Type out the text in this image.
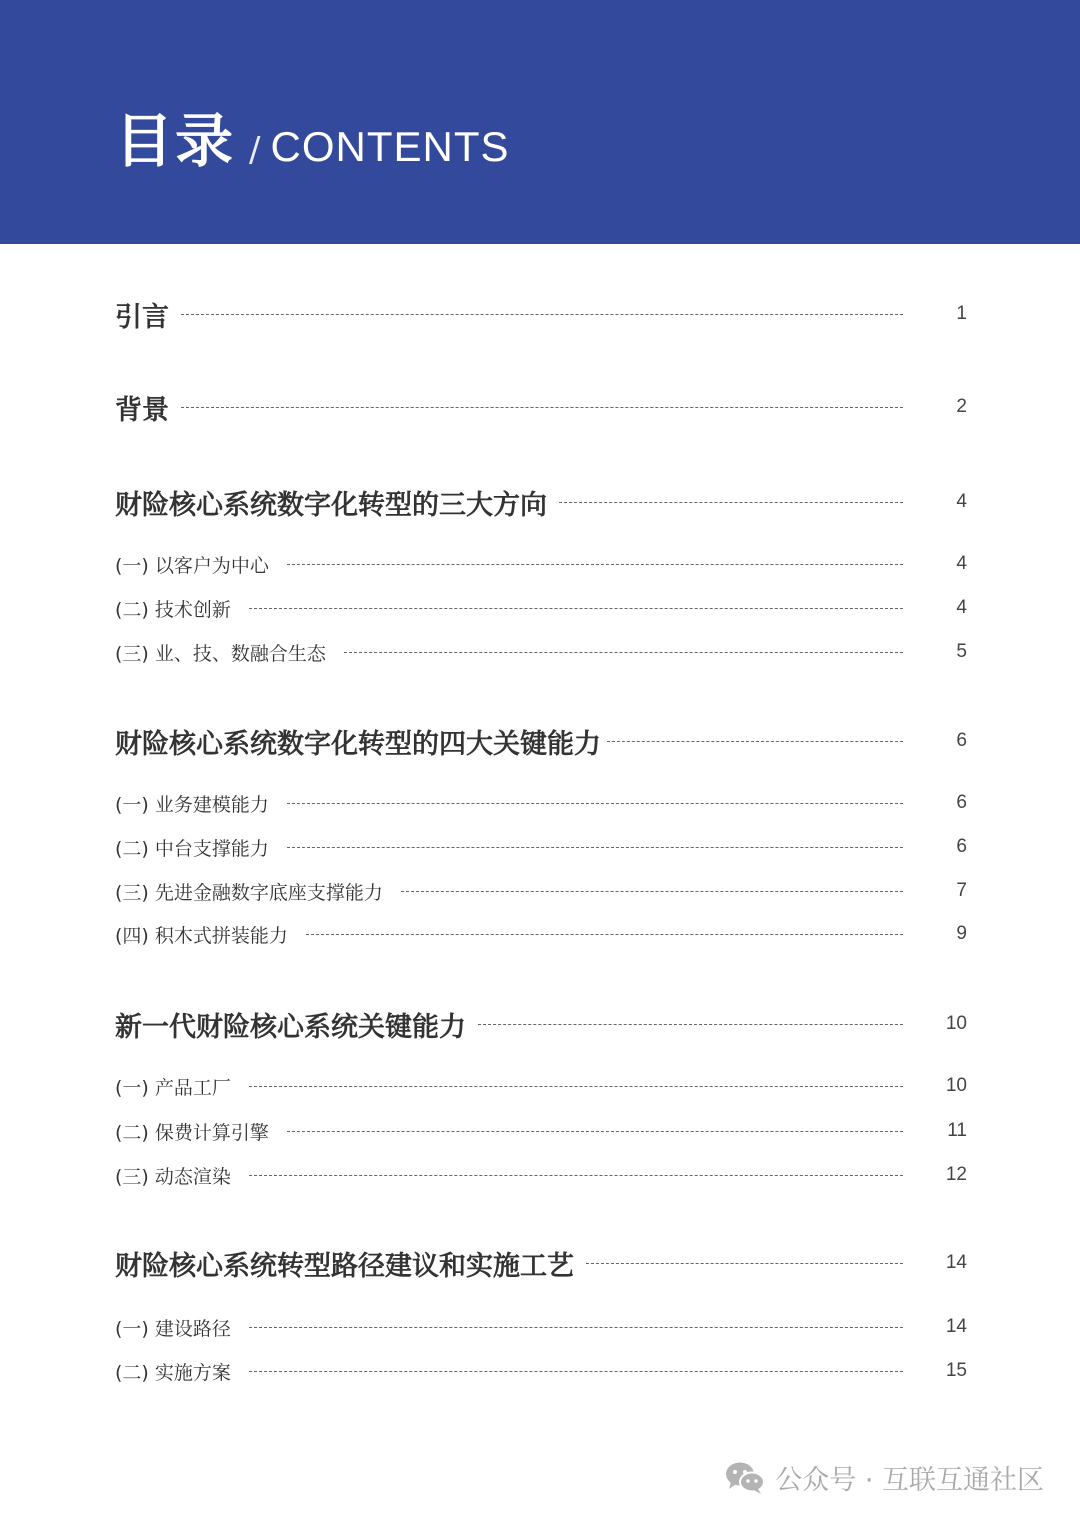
目录 / CONTENTS
引言	1
背景	2
财险核心系统数字化转型的三大方向	4
(一) 以客户为中心	4
(二) 技术创新	4
(三) 业、技、数融合生态	5
财险核心系统数字化转型的四大关键能力	6
(一) 业务建模能力	6
(二) 中台支撑能力	6
(三) 先进金融数字底座支撑能力	7
(四) 积木式拼装能力	9
新一代财险核心系统关键能力	10
(一) 产品工厂	10
(二) 保费计算引擎	11
(三) 动态渲染	12
财险核心系统转型路径建议和实施工艺	14
(一) 建设路径	14
(二) 实施方案	15
公众号 · 互联互通社区
